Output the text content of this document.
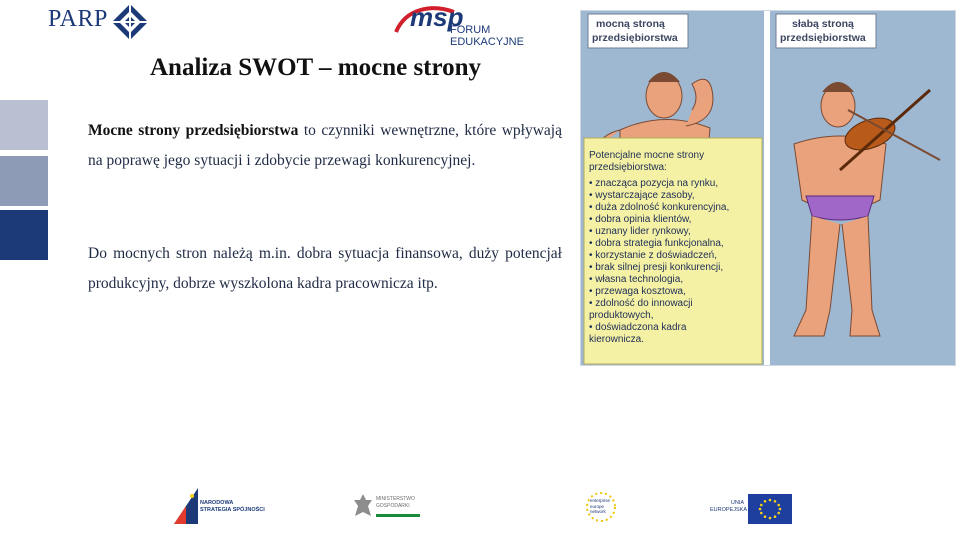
PARP	msp
FORUM EDUKACYJNE
Analiza SWOT – mocne strony
Mocne strony przedsiębiorstwa to czynniki wewnętrzne, które wpływają na poprawę jego sytuacji i zdobycie przewagi konkurencyjnej.
Do mocnych stron należą m.in. dobra sytuacja finansowa, duży potencjał produkcyjny, dobrze wyszkolona kadra pracownicza itp.
mocną stroną
przedsiębiorstwa
słabą stroną
przedsiębiorstwa
Potencjalne mocne strony przedsiębiorstwa: • znacząca pozycja na rynku, • wystarczające zasoby, • duża zdolność konkurencyjna, • dobra opinia klientów, • uznany lider rynkowy, • dobra strategia funkcjonalna, • korzystanie z doświadczeń, • brak silnej presji konkurencji, • własna technologia, • przewaga kosztowa, • zdolność do innowacji produktowych, • doświadczona kadra kierownicza.
NARODOWA
STRATEGIA SPÓJNOŚCI
MINISTERSTWO
GOSPODARKI
enterprise
europe
network
UNIA
EUROPEJSKA
